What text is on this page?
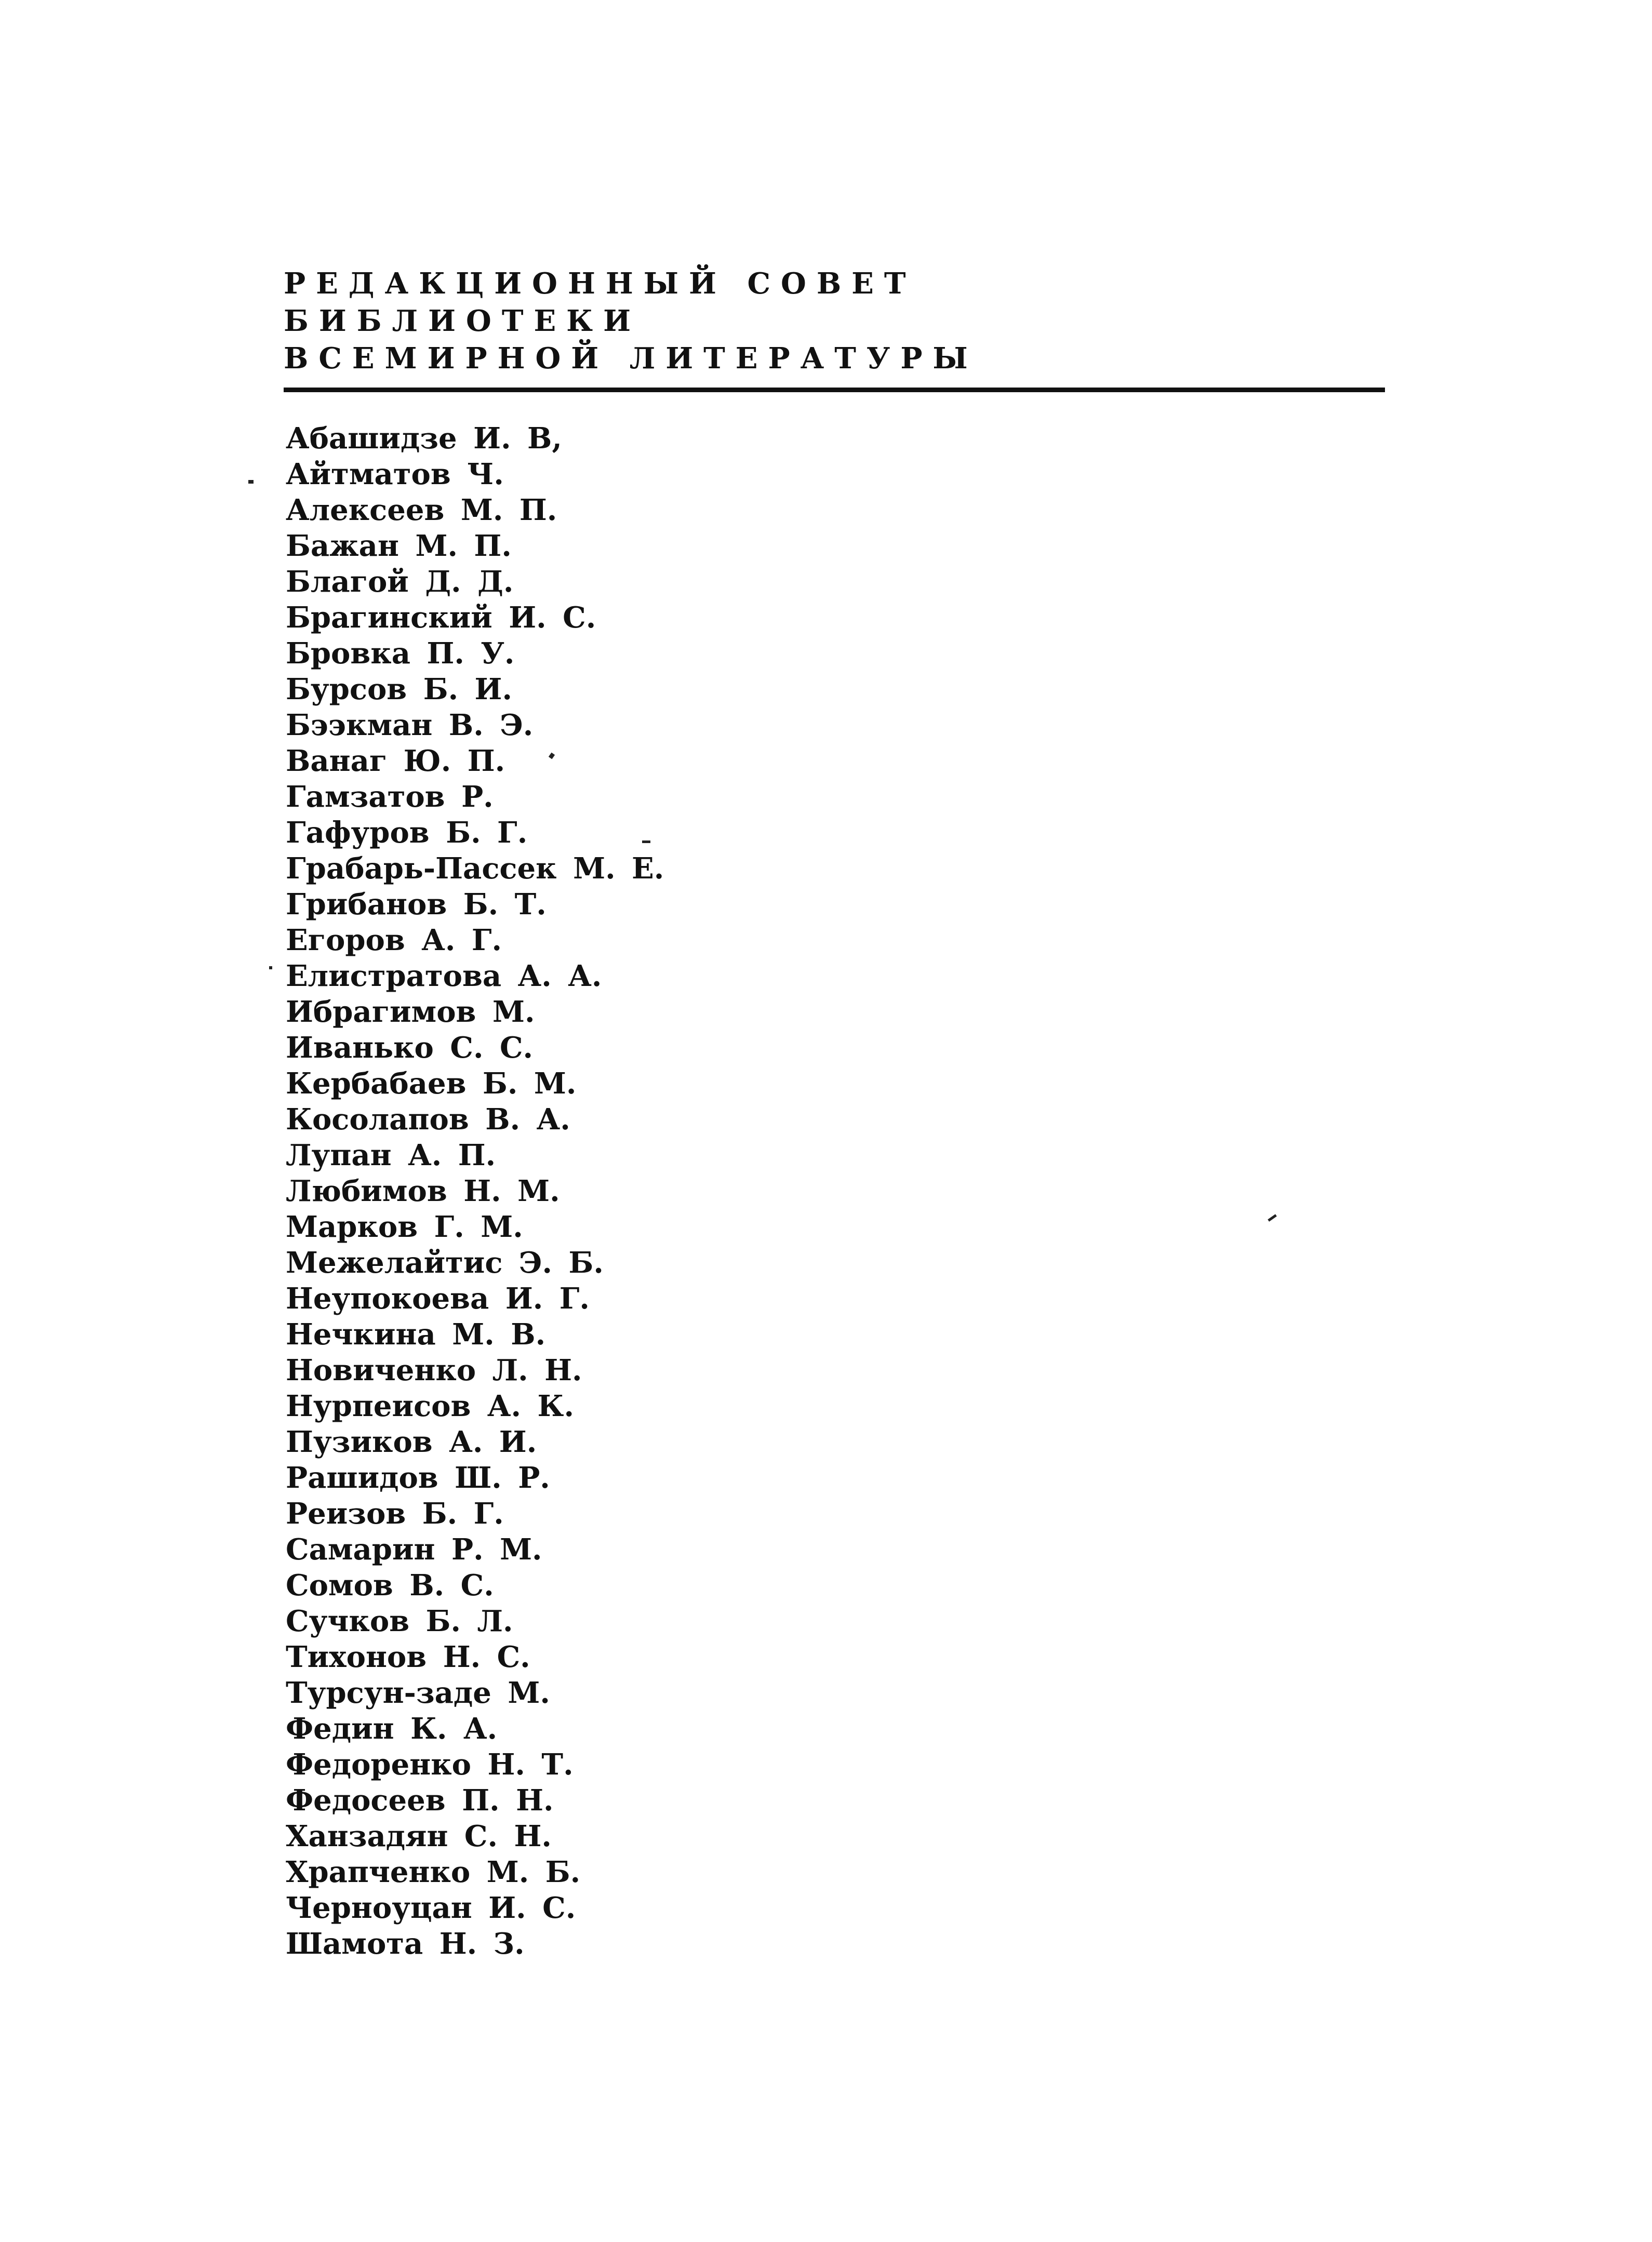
РЕДАКЦИОННЫЙ СОВЕТ
БИБЛИОТЕКИ
ВСЕМИРНОЙ ЛИТЕРАТУРЫ
Абашидзе И. В,
Айтматов Ч.
Алексеев М. П.
Бажан М. П.
Благой Д. Д.
Брагинский И. С.
Бровка П. У.
Бурсов Б. И.
Бээкман В. Э.
Ванаг Ю. П.
Гамзатов Р.
Гафуров Б. Г.
Грабарь-Пассек М. Е.
Грибанов Б. Т.
Егоров А. Г.
Елистратова А. А.
Ибрагимов М.
Иванько С. С.
Кербабаев Б. М.
Косолапов В. А.
Лупан А. П.
Любимов Н. М.
Марков Г. М.
Межелайтис Э. Б.
Неупокоева И. Г.
Нечкина М. В.
Новиченко Л. Н.
Нурпеисов А. К.
Пузиков А. И.
Рашидов Ш. Р.
Реизов Б. Г.
Самарин Р. М.
Сомов В. С.
Сучков Б. Л.
Тихонов Н. С.
Турсун-заде М.
Федин К. А.
Федоренко Н. Т.
Федосеев П. Н.
Ханзадян С. Н.
Храпченко М. Б.
Черноуцан И. С.
Шамота Н. З.
